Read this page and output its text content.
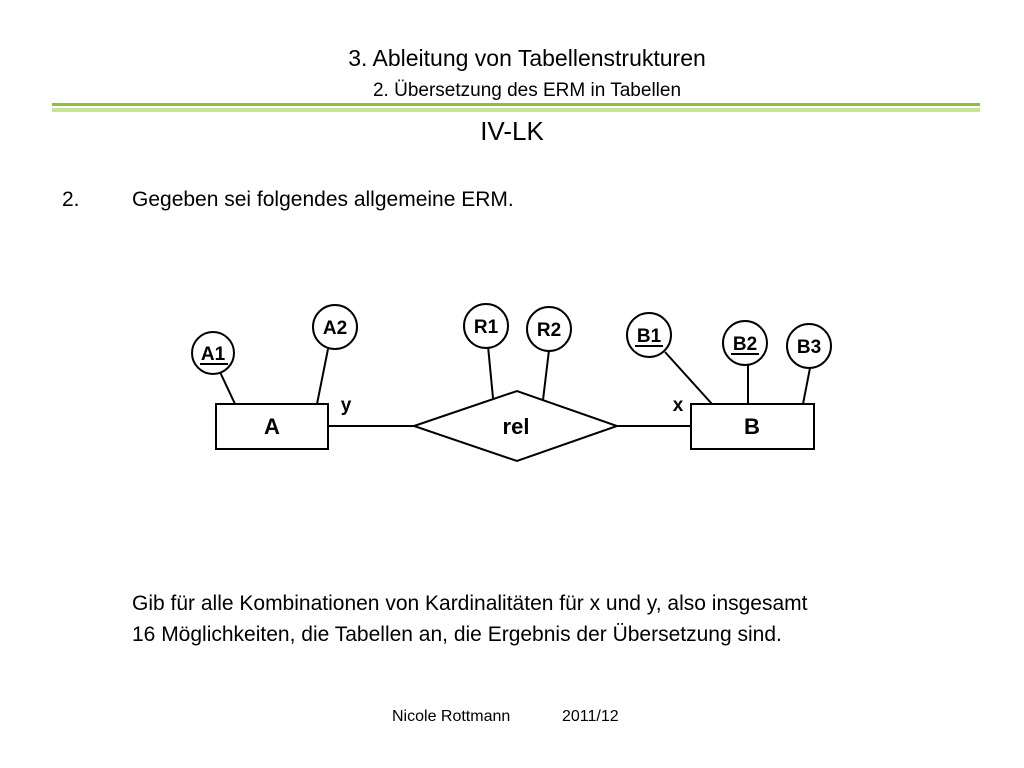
3. Ableitung von Tabellenstrukturen
2. Übersetzung des ERM in Tabellen
IV-LK
2. Gegeben sei folgendes allgemeine ERM.
A1
A2	R1 R2	B1	B2 B3
A	B
rel
y	x
Gib für alle Kombinationen von Kardinalitäten für x und y, also insgesamt
16 Möglichkeiten, die Tabellen an, die Ergebnis der Übersetzung sind.
Nicole Rottmann	2011/12
